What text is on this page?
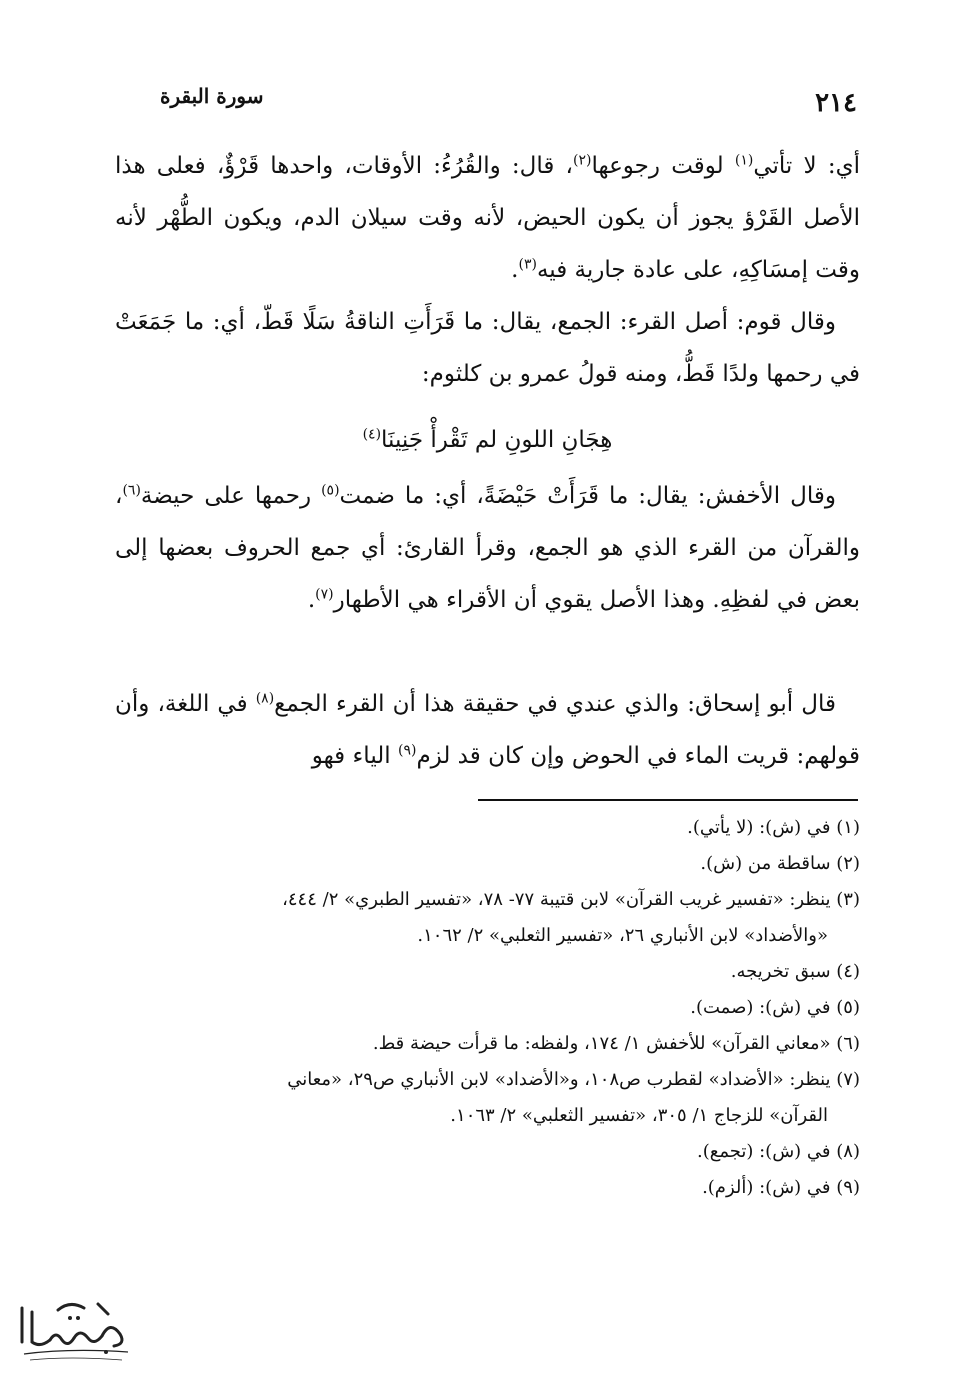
سورة البقرة	٢١٤

أي: لا تأتي$^{(١)}$ لوقت رجوعها$^{(٢)}$، قال: والقُرُءُ: الأوقات، واحدها قَرْؤٌ، فعلى هذا الأصل القَرْؤ يجوز أن يكون الحيض، لأنه وقت سيلان الدم، ويكون الطُّهْر لأنه وقت إمسَاكِهِ، على عادة جارية فيه$^{(٣)}$.

وقال قوم: أصل القرء: الجمع، يقال: ما قَرَأَتِ الناقةُ سَلًا قَطّ، أي: ما جَمَعَتْ في رحمها ولدًا قَطُّ، ومنه قولُ عمرو بن كلثوم:

هِجَانِ اللونِ لم تَقْرأْ جَنِينَا$^{(٤)}$

وقال الأخفش: يقال: ما قَرَأَتْ حَيْضَةً، أي: ما ضمت$^{(٥)}$ رحمها على حيضة$^{(٦)}$، والقرآن من القرء الذي هو الجمع، وقرأ القارئ: أي جمع الحروف بعضها إلى بعض في لفظِهِ. وهذا الأصل يقوي أن الأقراء هي الأطهار$^{(٧)}$.

قال أبو إسحاق: والذي عندي في حقيقة هذا أن القرء الجمع$^{(٨)}$ في اللغة، وأن قولهم: قريت الماء في الحوض وإن كان قد لزم$^{(٩)}$ الياء فهو

(١) في (ش): (لا يأتي).

(٢) ساقطة من (ش).

(٣) ينظر: «تفسير غريب القرآن» لابن قتيبة ٧٧- ٧٨، «تفسير الطبري» ٢/ ٤٤٤،
«والأضداد» لابن الأنباري ٢٦، «تفسير الثعلبي» ٢/ ١٠٦٢.

(٤) سبق تخريجه.

(٥) في (ش): (صمت).

(٦) «معاني القرآن» للأخفش ١/ ١٧٤، ولفظه: ما قرأت حيضة قط.

(٧) ينظر: «الأضداد» لقطرب ص١٠٨، و«الأضداد» لابن الأنباري ص٢٩، «معاني
القرآن» للزجاج ١/ ٣٠٥، «تفسير الثعلبي» ٢/ ١٠٦٣.

(٨) في (ش): (تجمع).

(٩) في (ش): (ألزم).
